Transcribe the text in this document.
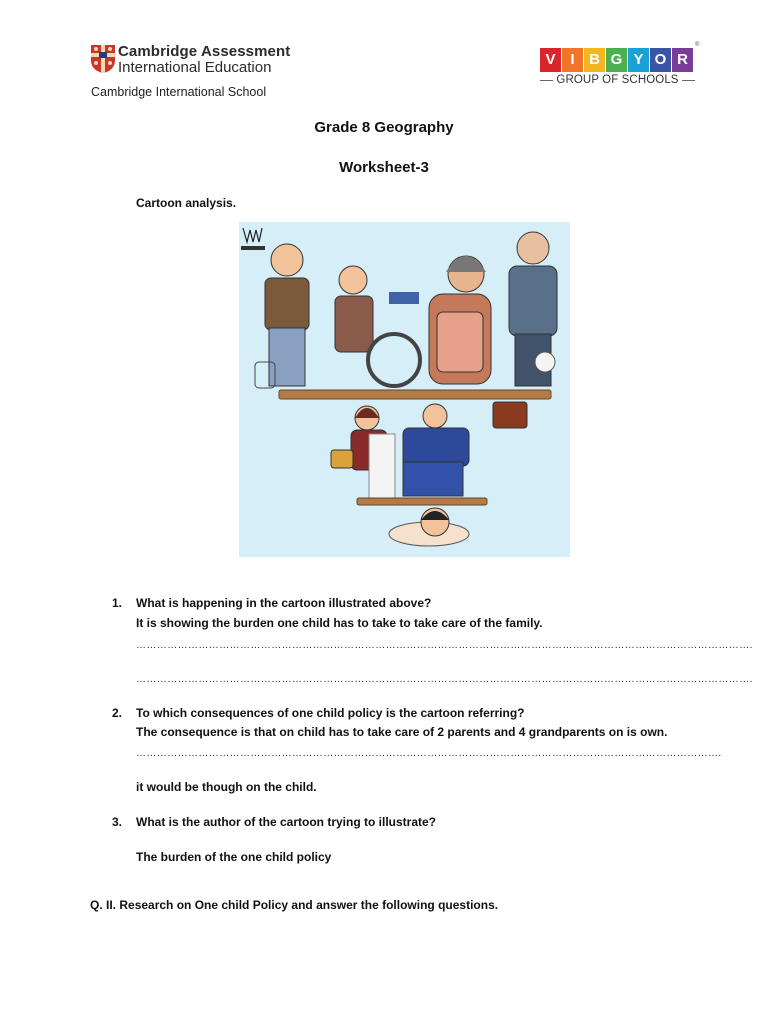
Cambridge Assessment
International Education
Cambridge International School
V I B G Y O R
®
GROUP OF SCHOOLS
Grade 8 Geography
Worksheet-3
Cartoon analysis.
1. What is happening in the cartoon illustrated above?
It is showing the burden one child has to take to take care of the family.
…………………………………………………………………………………………………………………………………………………………….
…………………………………………………………………………………………………………………………………………………………….
2. To which consequences of one child policy is the cartoon referring?
The consequence is that on child has to take care of 2 parents and 4 grandparents on is own.
…………………………………………………………………………………………………………………………………………………….
it would be though on the child.
3. What is the author of the cartoon trying to illustrate?
The burden of the one child policy
Q. II. Research on One child Policy and answer the following questions.
